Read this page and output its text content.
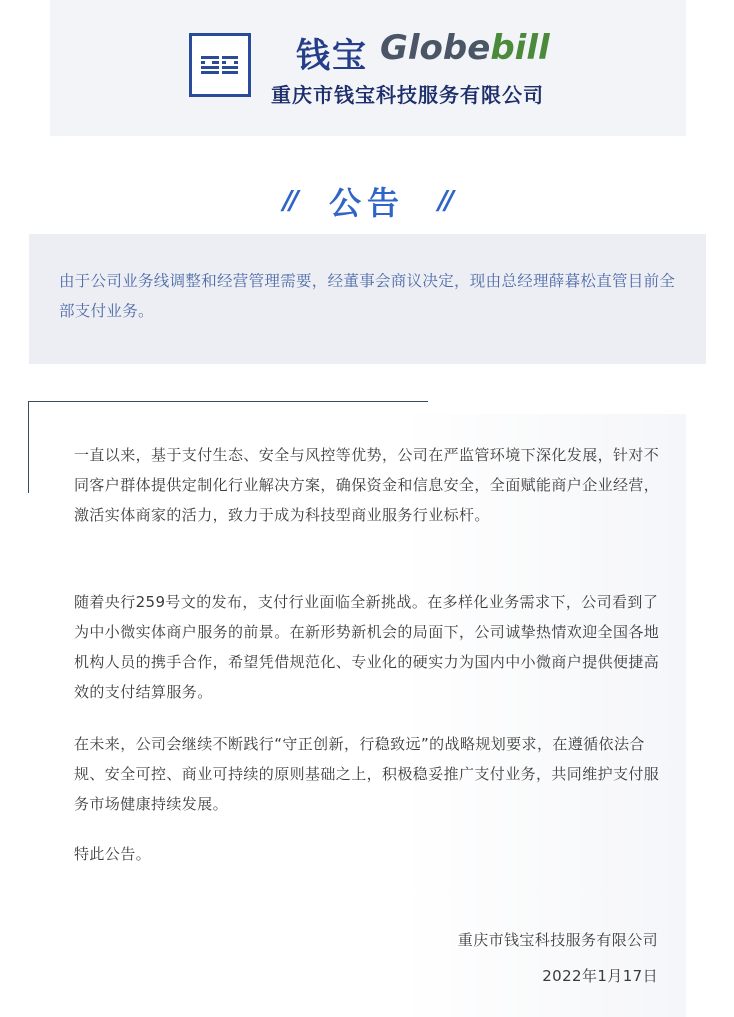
钱宝 Globebill
重庆市钱宝科技服务有限公司
// 公告 //
由于公司业务线调整和经营管理需要，经董事会商议决定，现由总经理薛暮松直管目前全部支付业务。
一直以来，基于支付生态、安全与风控等优势，公司在严监管环境下深化发展，针对不同客户群体提供定制化行业解决方案，确保资金和信息安全，全面赋能商户企业经营，激活实体商家的活力，致力于成为科技型商业服务行业标杆。
随着央行259号文的发布，支付行业面临全新挑战。在多样化业务需求下，公司看到了为中小微实体商户服务的前景。在新形势新机会的局面下，公司诚挚热情欢迎全国各地机构人员的携手合作，希望凭借规范化、专业化的硬实力为国内中小微商户提供便捷高效的支付结算服务。
在未来，公司会继续不断践行“守正创新，行稳致远”的战略规划要求，在遵循依法合规、安全可控、商业可持续的原则基础之上，积极稳妥推广支付业务，共同维护支付服务市场健康持续发展。
特此公告。
重庆市钱宝科技服务有限公司
2022年1月17日
